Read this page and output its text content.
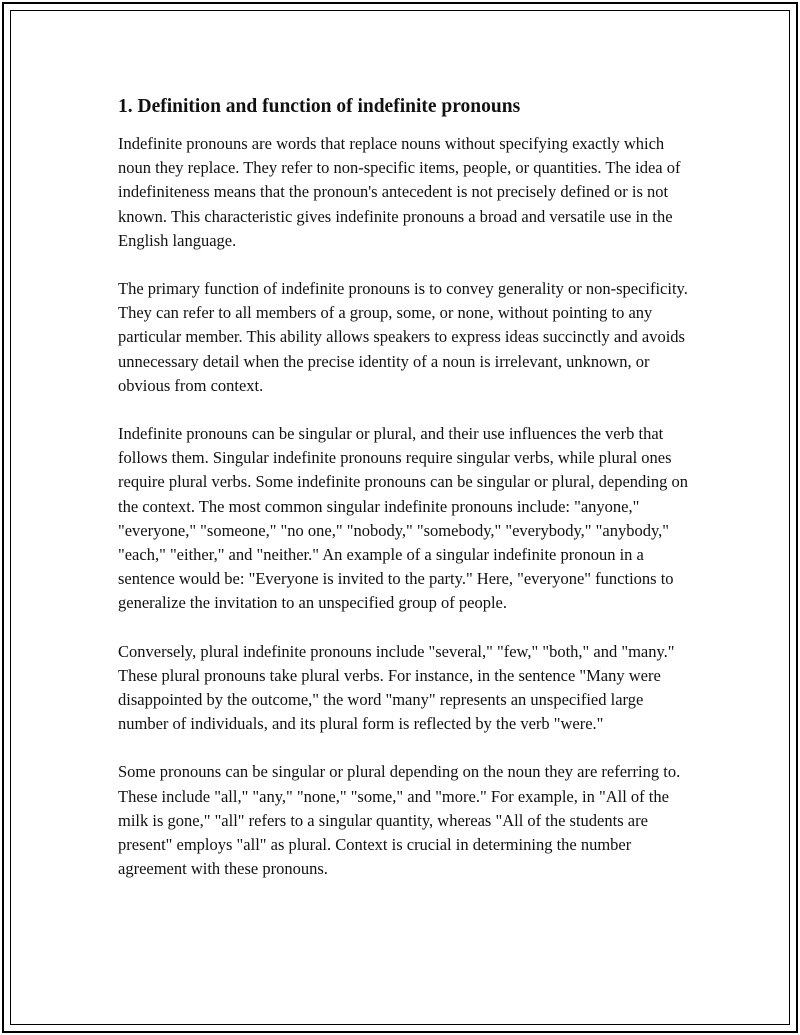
1. Definition and function of indefinite pronouns

Indefinite pronouns are words that replace nouns without specifying exactly which noun they replace. They refer to non-specific items, people, or quantities. The idea of indefiniteness means that the pronoun's antecedent is not precisely defined or is not known. This characteristic gives indefinite pronouns a broad and versatile use in the English language.

The primary function of indefinite pronouns is to convey generality or non-specificity. They can refer to all members of a group, some, or none, without pointing to any particular member. This ability allows speakers to express ideas succinctly and avoids unnecessary detail when the precise identity of a noun is irrelevant, unknown, or obvious from context.

Indefinite pronouns can be singular or plural, and their use influences the verb that follows them. Singular indefinite pronouns require singular verbs, while plural ones require plural verbs. Some indefinite pronouns can be singular or plural, depending on the context. The most common singular indefinite pronouns include: "anyone," "everyone," "someone," "no one," "nobody," "somebody," "everybody," "anybody," "each," "either," and "neither." An example of a singular indefinite pronoun in a sentence would be: "Everyone is invited to the party." Here, "everyone" functions to generalize the invitation to an unspecified group of people.

Conversely, plural indefinite pronouns include "several," "few," "both," and "many." These plural pronouns take plural verbs. For instance, in the sentence "Many were disappointed by the outcome," the word "many" represents an unspecified large number of individuals, and its plural form is reflected by the verb "were."

Some pronouns can be singular or plural depending on the noun they are referring to. These include "all," "any," "none," "some," and "more." For example, in "All of the milk is gone," "all" refers to a singular quantity, whereas "All of the students are present" employs "all" as plural. Context is crucial in determining the number agreement with these pronouns.
